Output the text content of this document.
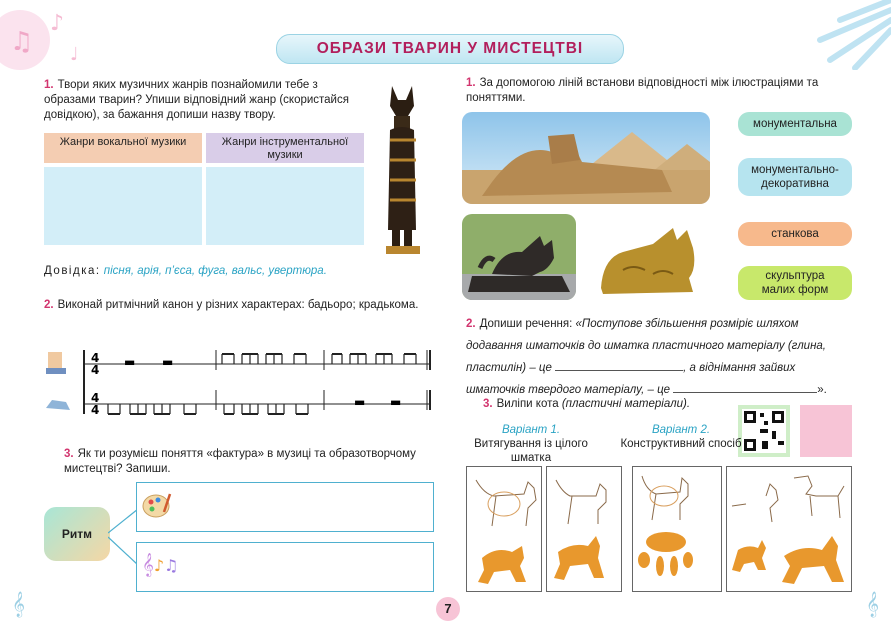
♫
♪
♩	ОБРАЗИ ТВАРИН У МИСТЕЦТВІ
1. Твори яких музичних жанрів познайомили тебе з образами тварин? Упиши відповідний жанр (скористайся довідкою), за бажання допиши назву твору.
Жанри вокальної музики	Жанри інструментальної музики
Довідка: пісня, арія, п’єса, фуга, вальс, увертюра.
2. Виконай ритмічний канон у різних характерах: бадьоро; крадькома.
4
4
▬ ▬
4
4
▬ ▬
3. Як ти розумієш поняття «фактура» в музиці та образотворчому мистецтві? Запиши.
Ритм
𝄞♪♫
1. За допомогою ліній встанови відповідності між ілюстраціями та поняттями.
монументальна
монументально-декоративна
станкова
скульптура малих форм
2. Допиши речення: «Поступове збільшення розміріє шляхом додавання шматочків до шматка пластичного матеріалу (глина, пластилін) – це	, а віднімання зайвих шматочків твердого матеріалу, – це	».
3. Виліпи кота (пластичні матеріали).
Варіант 1.
Витягування із цілого шматка
Варіант 2.
Конструктивний спосіб
7
𝄞	𝄞
